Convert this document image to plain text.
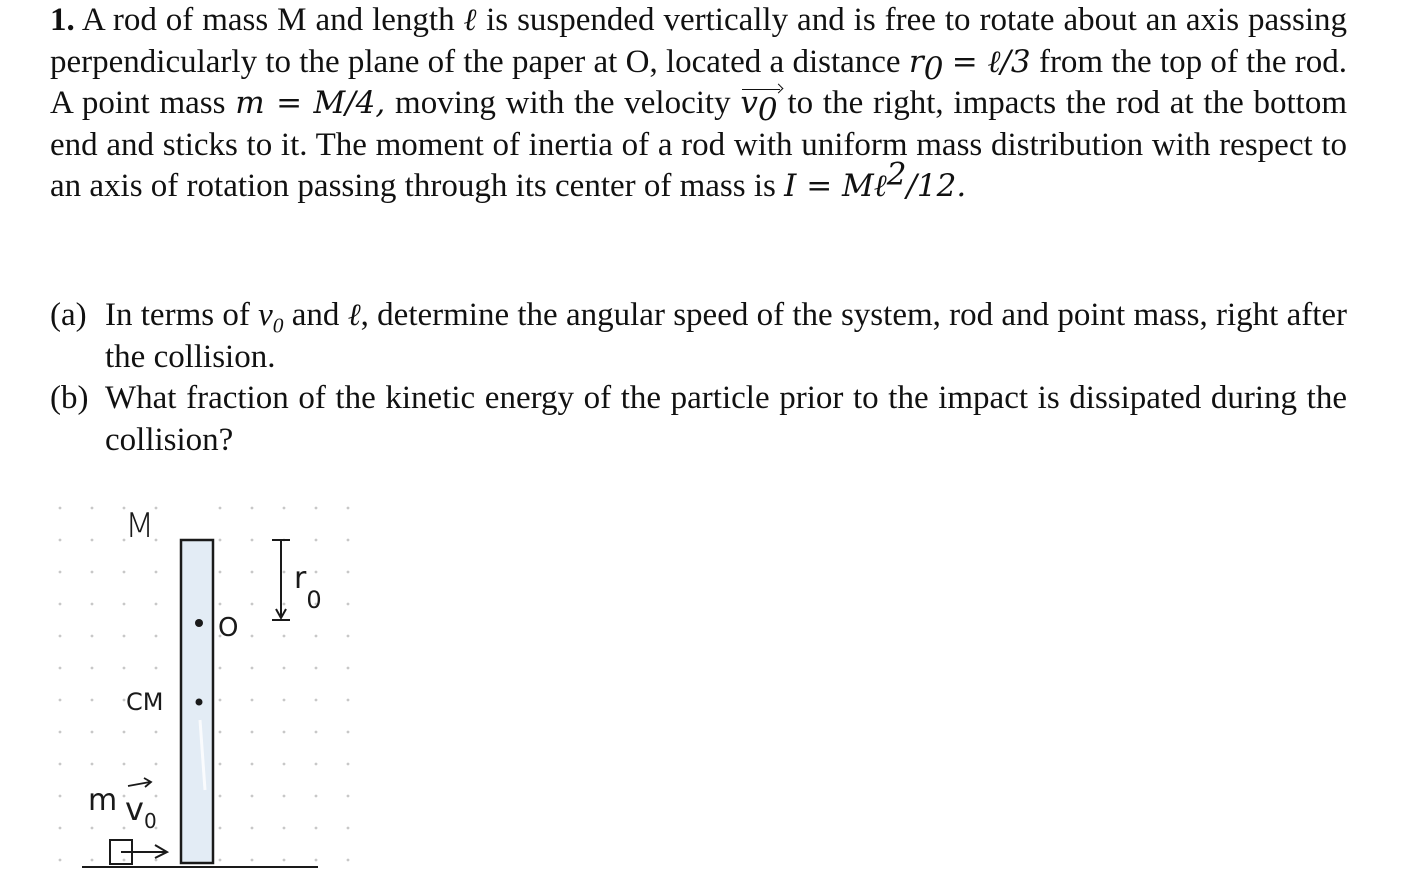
1. A rod of mass M and length ℓ is suspended vertically and is free to rotate about an axis passing perpendicularly to the plane of the paper at O, located a distance $r_0$ = ℓ/3 from the top of the rod. A point mass m = M/4, moving with the velocity $v_0$ to the right, impacts the rod at the bottom end and sticks to it. The moment of inertia of a rod with uniform mass distribution with respect to an axis of rotation passing through its center of mass is I = Mℓ$^2$/12.

(a) In terms of $v_0$ and ℓ, determine the angular speed of the system, rod and point mass, right after the collision.
(b) What fraction of the kinetic energy of the particle prior to the impact is dissipated during the collision?
M
O
$r_0$
CM
m $v_0$
